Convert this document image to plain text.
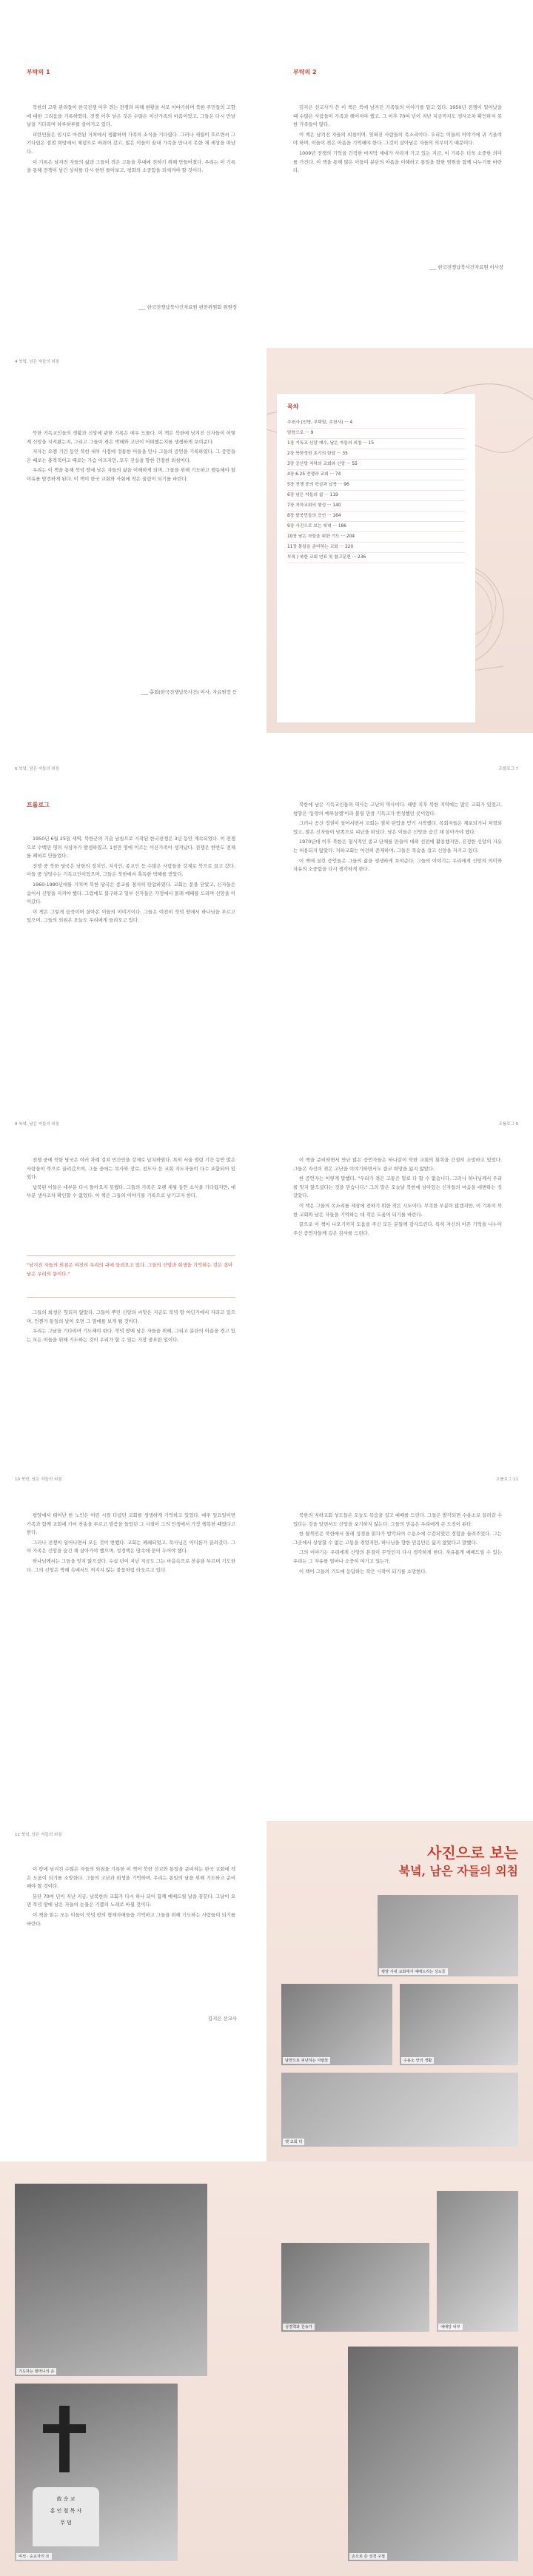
부탁의 1

북한의 고위 관리들이 한국전쟁 이후 겪는 전쟁의 피해 현황을 서로 이야기하며 북한 주민들의 고향에 대한 그리움을 기록하였다. 전쟁 이후 남은 것은 수많은 이산가족의 아픔이었고, 그들은 다시 만날 날을 기다리며 하루하루를 살아가고 있다.

피란민들은 임시로 마련된 거처에서 생활하며 가족의 소식을 기다렸다. 그러나 세월이 흐르면서 그 기다림은 점점 희망에서 체념으로 바뀌어 갔고, 많은 이들이 끝내 가족을 만나지 못한 채 세상을 떠났다.

이 기록은 남겨진 자들의 삶과 그들이 겪은 고통을 후대에 전하기 위해 만들어졌다. 우리는 이 기록을 통해 전쟁이 남긴 상처를 다시 한번 돌아보고, 평화의 소중함을 되새겨야 할 것이다.

___ 한국전쟁납북사건자료원 편찬위원회 위원장
부탁의 2

김지은 선교사가 쓴 이 책은 북에 남겨진 가족들의 이야기를 담고 있다. 1950년 전쟁이 일어났을 때 수많은 사람들이 가족과 헤어져야 했고, 그 이후 70여 년이 지난 지금까지도 생사조차 확인하지 못한 가족들이 많다.

이 책은 남겨진 자들의 외침이며, 잊혀진 사람들의 목소리이다. 우리는 이들의 이야기에 귀 기울여야 하며, 이들이 겪은 아픔을 기억해야 한다. 그것이 살아남은 자들의 의무이기 때문이다.

1009년 전쟁의 기억을 간직한 마지막 세대가 사라져 가고 있는 지금, 이 기록은 더욱 소중한 의미를 가진다. 이 책을 통해 많은 이들이 분단의 아픔을 이해하고 통일을 향한 염원을 함께 나누기를 바란다.

___ 한국전쟁납북사건자료원 이사장
4 북녘, 남은 자들의 외침

북한 기독교인들의 생활과 신앙에 관한 기록은 매우 드물다. 이 책은 북한에 남겨진 신자들이 어떻게 신앙을 지켜왔는지, 그리고 그들이 겪은 박해와 고난이 어떠했는지를 생생하게 보여준다.

저자는 오랜 기간 동안 북한 내부 사정에 정통한 이들을 만나 그들의 증언을 기록하였다. 그 증언들은 때로는 충격적이고 때로는 가슴 아프지만, 모두 진실을 향한 간절한 외침이다.

우리는 이 책을 통해 북녘 땅에 남은 자들의 삶을 이해하게 되며, 그들을 위해 기도하고 행동해야 할 이유를 발견하게 된다. 이 책이 한국 교회와 사회에 작은 울림이 되기를 바란다.

___ 총회(한국전쟁납북사건) 이사, 자료원장 등
목차
추천사 (인명, 부탁말, 추천사) ··· 4
말씀으로 ··· 9
1장 기독교 신앙 예수, 남은 자들의 외침 ··· 15
2장 북한정권 초기의 탄압 ··· 35
3장 공산당 치하의 교회와 신앙 ··· 55
4장 6.25 전쟁과 교회 ··· 74
5장 전쟁 중의 학살과 납북 ··· 96
6장 남은 자들의 삶 ··· 119
7장 지하교회의 형성 ··· 140
8장 탈북민들의 증언 ··· 164
9장 사진으로 보는 북녘 ··· 186
10장 남은 자들을 위한 기도 ··· 204
11장 통일을 준비하는 교회 ··· 220
부록 / 북한 교회 연표 및 참고문헌 ··· 236
6 북녘, 남은 자들의 외침
프롤로그

1950년 6월 25일 새벽, 북한군의 기습 남침으로 시작된 한국전쟁은 3년 동안 계속되었다. 이 전쟁으로 수백만 명의 사상자가 발생하였고, 1천만 명에 이르는 이산가족이 생겨났다. 전쟁은 한반도 전체를 폐허로 만들었다.

전쟁 중 북한 당국은 남한의 정치인, 지식인, 종교인 등 수많은 사람들을 강제로 북으로 끌고 갔다. 이들 중 상당수는 기독교인이었으며, 그들은 북한에서 혹독한 박해를 받았다.

1960-1980년대를 거치며 북한 당국은 종교를 철저히 탄압하였다. 교회는 문을 닫았고, 신자들은 숨어서 신앙을 지켜야 했다. 그럼에도 불구하고 일부 신자들은 가정에서 몰래 예배를 드리며 신앙을 이어갔다.

이 책은 그렇게 숨죽이며 살아온 이들의 이야기이다. 그들은 여전히 북녘 땅에서 하나님을 부르고 있으며, 그들의 외침은 오늘도 우리에게 들려오고 있다.

프롤로그 7

북한에 남은 기독교인들의 역사는 고난의 역사이다. 해방 직후 북한 지역에는 많은 교회가 있었고, 평양은 '동양의 예루살렘'이라 불릴 만큼 기독교가 번성했던 곳이었다.

그러나 공산 정권이 들어서면서 교회는 점차 탄압을 받기 시작했다. 목회자들은 체포되거나 처형되었고, 많은 신자들이 남쪽으로 피난을 떠났다. 남은 이들은 신앙을 숨긴 채 살아가야 했다.

1970년대 이후 북한은 형식적인 종교 단체를 만들어 대외 선전에 활용했지만, 진정한 신앙의 자유는 허용되지 않았다. 지하교회는 여전히 존재하며, 그들은 목숨을 걸고 신앙을 지키고 있다.

이 책에 실린 증언들은 그들의 삶을 생생하게 보여준다. 그들의 이야기는 우리에게 신앙의 의미와 자유의 소중함을 다시 생각하게 한다.

8 북녘, 남은 자들의 외침

전쟁 중에 북한 당국은 여러 차례 걸쳐 민간인을 강제로 납치하였다. 특히 서울 점령 기간 동안 많은 사람들이 북으로 끌려갔으며, 그들 중에는 목사와 장로, 전도사 등 교회 지도자들이 다수 포함되어 있었다.

납북된 이들은 대부분 다시 돌아오지 못했다. 그들의 가족은 오랜 세월 동안 소식을 기다렸지만, 대부분 생사조차 확인할 수 없었다. 이 책은 그들의 이야기를 기록으로 남기고자 한다.

"남겨진 자들의 외침은 여전히 우리의 귀에 들려오고 있다. 그들의 신앙과 희생을 기억하는 것은 살아남은 우리의 몫이다."

그들의 희생은 헛되지 않았다. 그들이 뿌린 신앙의 씨앗은 지금도 북녘 땅 어딘가에서 자라고 있으며, 언젠가 통일의 날이 오면 그 열매를 보게 될 것이다.

우리는 그날을 기다리며 기도해야 한다. 북녘 땅에 남은 자들을 위해, 그리고 분단의 아픔을 겪고 있는 모든 이들을 위해 기도하는 것이 우리가 할 수 있는 가장 중요한 일이다.

프롤로그 9

이 책을 준비하면서 만난 많은 증언자들은 하나같이 북한 교회의 회복을 간절히 소망하고 있었다. 그들은 자신이 겪은 고난을 이야기하면서도 결코 희망을 잃지 않았다.

한 증언자는 이렇게 말했다. "우리가 겪은 고통은 말로 다 할 수 없습니다. 그러나 하나님께서 우리를 잊지 않으셨다는 것을 믿습니다." 그의 말은 오늘날 북한에 남아있는 신자들의 마음을 대변하는 것 같았다.

이 책은 그들의 목소리를 세상에 전하기 위한 작은 시도이다. 부족한 부분이 많겠지만, 이 기록이 북한 교회와 남은 자들을 기억하는 데 작은 도움이 되기를 바란다.

끝으로 이 책이 나오기까지 도움을 주신 모든 분들께 감사드린다. 특히 자신의 아픈 기억을 나누어 주신 증언자들께 깊은 감사를 드린다.

10 북녘, 남은 자들의 외침

평양에서 태어난 한 노인은 어린 시절 다녔던 교회를 생생하게 기억하고 있었다. 매주 일요일이면 가족과 함께 교회에 가서 찬송을 부르고 말씀을 들었던 그 시절이 그의 인생에서 가장 행복한 때였다고 한다.

그러나 전쟁이 일어나면서 모든 것이 변했다. 교회는 폐쇄되었고, 목사님은 어디론가 끌려갔다. 그의 가족은 신앙을 숨긴 채 살아가야 했으며, 성경책은 땅속에 묻어 두어야 했다.

하나님께서는 그들을 잊지 않으셨다. 수십 년이 지난 지금도 그는 마음속으로 찬송을 부르며 기도한다. 그의 신앙은 박해 속에서도 꺼지지 않는 불꽃처럼 타오르고 있다.

프롤로그 11

북한의 지하교회 성도들은 오늘도 목숨을 걸고 예배를 드린다. 그들은 발각되면 수용소로 끌려갈 수 있다는 것을 알면서도 신앙을 포기하지 않는다. 그들의 믿음은 우리에게 큰 도전이 된다.

한 탈북민은 북한에서 몰래 성경을 읽다가 발각되어 수용소에 수감되었던 경험을 들려주었다. 그는 그곳에서 상상할 수 없는 고통을 겪었지만, 하나님을 향한 믿음만은 잃지 않았다고 말했다.

그의 이야기는 우리에게 신앙의 본질이 무엇인지 다시 생각하게 한다. 자유롭게 예배드릴 수 있는 우리는 그 자유를 얼마나 소중히 여기고 있는가.

이 책이 그들의 기도에 응답하는 작은 시작이 되기를 소망한다.

12 북녘, 남은 자들의 외침

이 땅에 남겨진 수많은 자들의 외침을 기록한 이 책이 북한 선교와 통일을 준비하는 한국 교회에 작은 도움이 되기를 소망한다. 그들의 고난과 희생을 기억하며, 우리는 통일의 날을 위해 기도하고 준비해야 할 것이다.

분단 70여 년이 지난 지금, 남북한의 교회가 다시 하나 되어 함께 예배드릴 날을 꿈꾼다. 그날이 오면 북녘 땅에 남은 자들의 눈물은 기쁨의 노래로 바뀔 것이다.

이 책을 읽는 모든 이들이 북녘 땅의 형제자매들을 기억하고 그들을 위해 기도하는 사람들이 되기를 바란다.

김지은 선교사
사진으로 보는
북녘, 남은 자들의 외침
평양 시내 교회에서 예배드리는 성도들
남한으로 피난하는 사람들	수용소 안의 생활
옛 교회 터
기도하는 할머니의 손
故 순 교
홍 인 철 목 사
무 덤
비석 · 순교자의 묘
성경책과 찬송가	예배당 내부
손으로 쓴 성경 구절
